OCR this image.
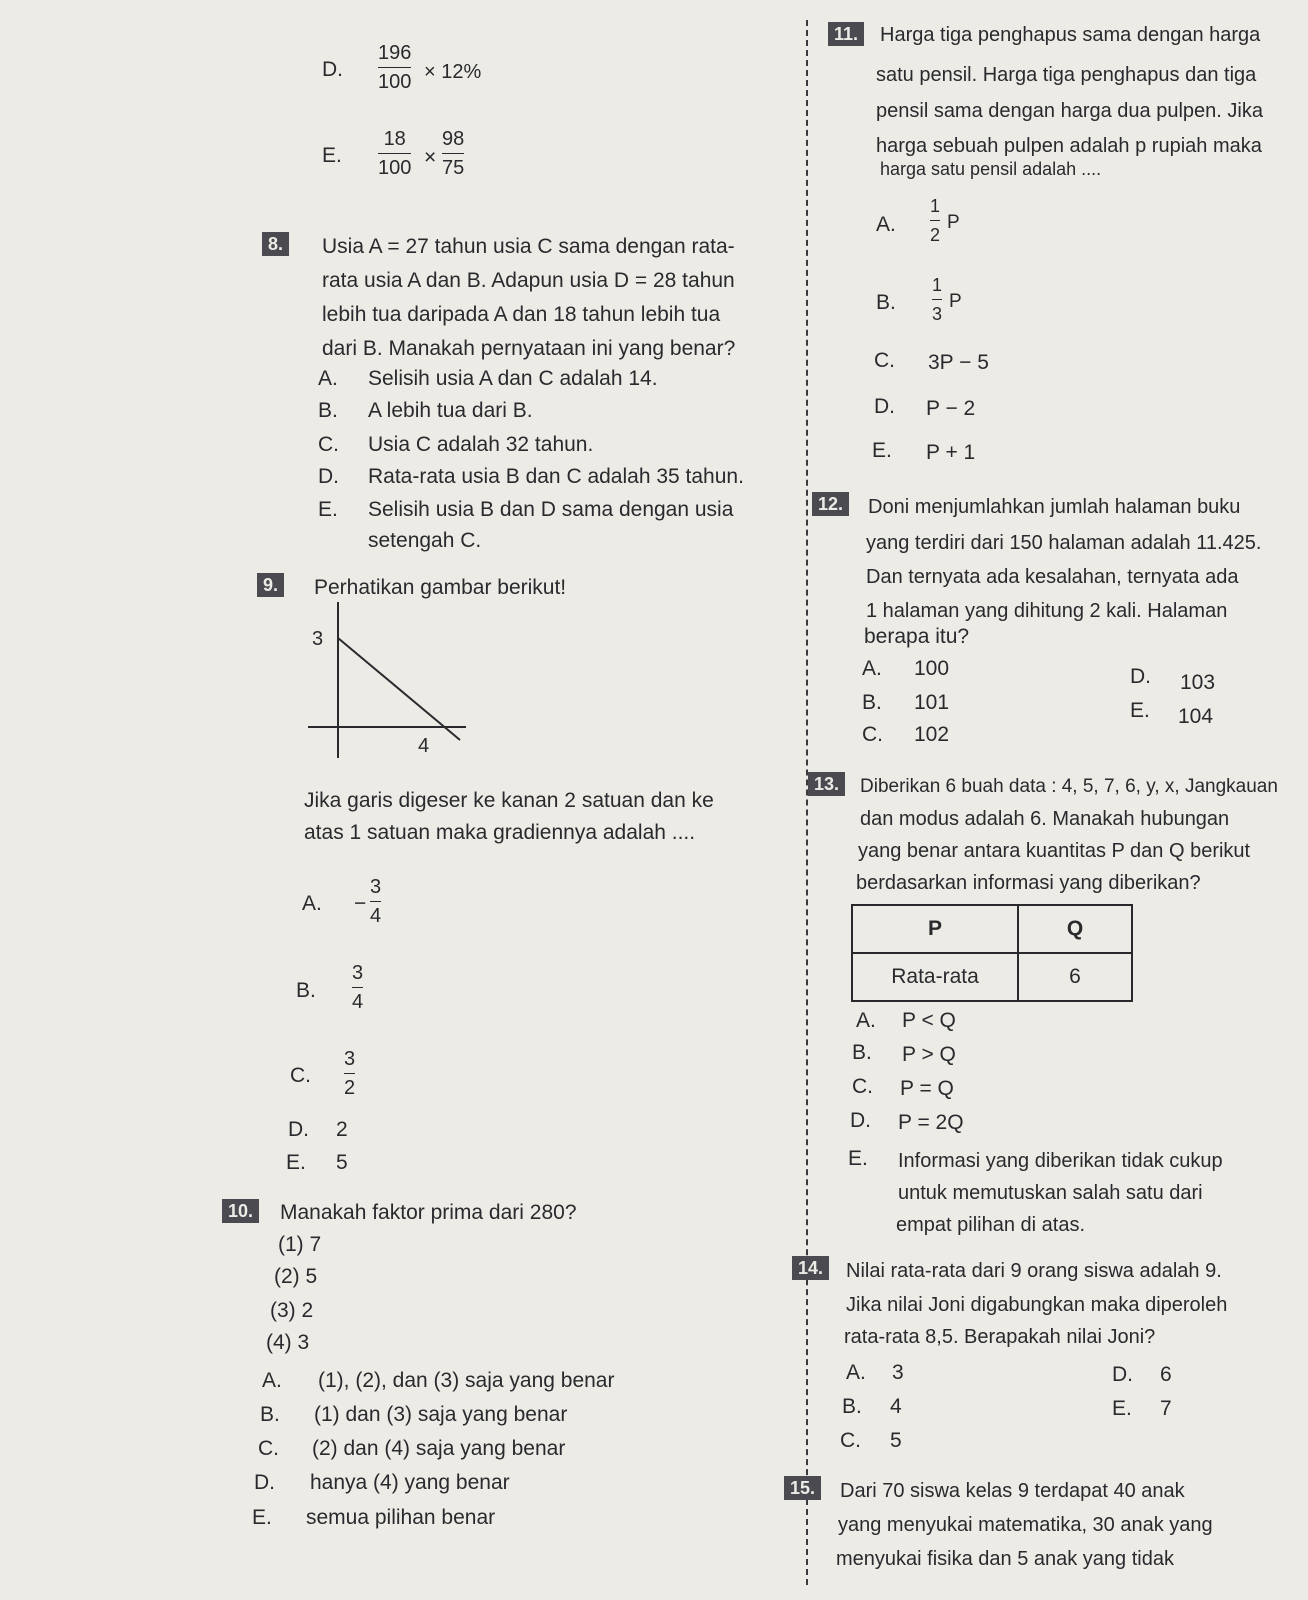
D.
196
100 × 12%
E.
18
100 ×
98
75
8. Usia A = 27 tahun usia C sama dengan rata-
rata usia A dan B. Adapun usia D = 28 tahun
lebih tua daripada A dan 18 tahun lebih tua
dari B. Manakah pernyataan ini yang benar?
A. Selisih usia A dan C adalah 14.
B. A lebih tua dari B.
C. Usia C adalah 32 tahun.
D. Rata-rata usia B dan C adalah 35 tahun.
E. Selisih usia B dan D sama dengan usia
setengah C.
9. Perhatikan gambar berikut!
3
4
Jika garis digeser ke kanan 2 satuan dan ke
atas 1 satuan maka gradiennya adalah ....
A. −
3
4
B.
3
4
C.
3
2
D. 2
E. 5
10. Manakah faktor prima dari 280?
(1) 7
(2) 5
(3) 2
(4) 3
A. (1), (2), dan (3) saja yang benar
B. (1) dan (3) saja yang benar
C. (2) dan (4) saja yang benar
D. hanya (4) yang benar
E. semua pilihan benar
11.	Harga tiga penghapus sama dengan harga
satu pensil. Harga tiga penghapus dan tiga
pensil sama dengan harga dua pulpen. Jika
harga sebuah pulpen adalah p rupiah maka
harga satu pensil adalah ....
A.
1
2
P
B.
1
3
P
C. 3P − 5
D. P − 2
E. P + 1
12.	Doni menjumlahkan jumlah halaman buku
yang terdiri dari 150 halaman adalah 11.425.
Dan ternyata ada kesalahan, ternyata ada
1 halaman yang dihitung 2 kali. Halaman
berapa itu?
A. 100
B. 101
C. 102
D. 103
E. 104
13.	Diberikan 6 buah data : 4, 5, 7, 6, y, x, Jangkauan
dan modus adalah 6. Manakah hubungan
yang benar antara kuantitas P dan Q berikut
berdasarkan informasi yang diberikan?
P	Q
Rata-rata	6
A. P < Q
B. P > Q
C. P = Q
D. P = 2Q
E. Informasi yang diberikan tidak cukup
untuk memutuskan salah satu dari
empat pilihan di atas.
14.	Nilai rata-rata dari 9 orang siswa adalah 9.
Jika nilai Joni digabungkan maka diperoleh
rata-rata 8,5. Berapakah nilai Joni?
A. 3
B. 4
C. 5
D. 6
E. 7
15.	Dari 70 siswa kelas 9 terdapat 40 anak
yang menyukai matematika, 30 anak yang
menyukai fisika dan 5 anak yang tidak
